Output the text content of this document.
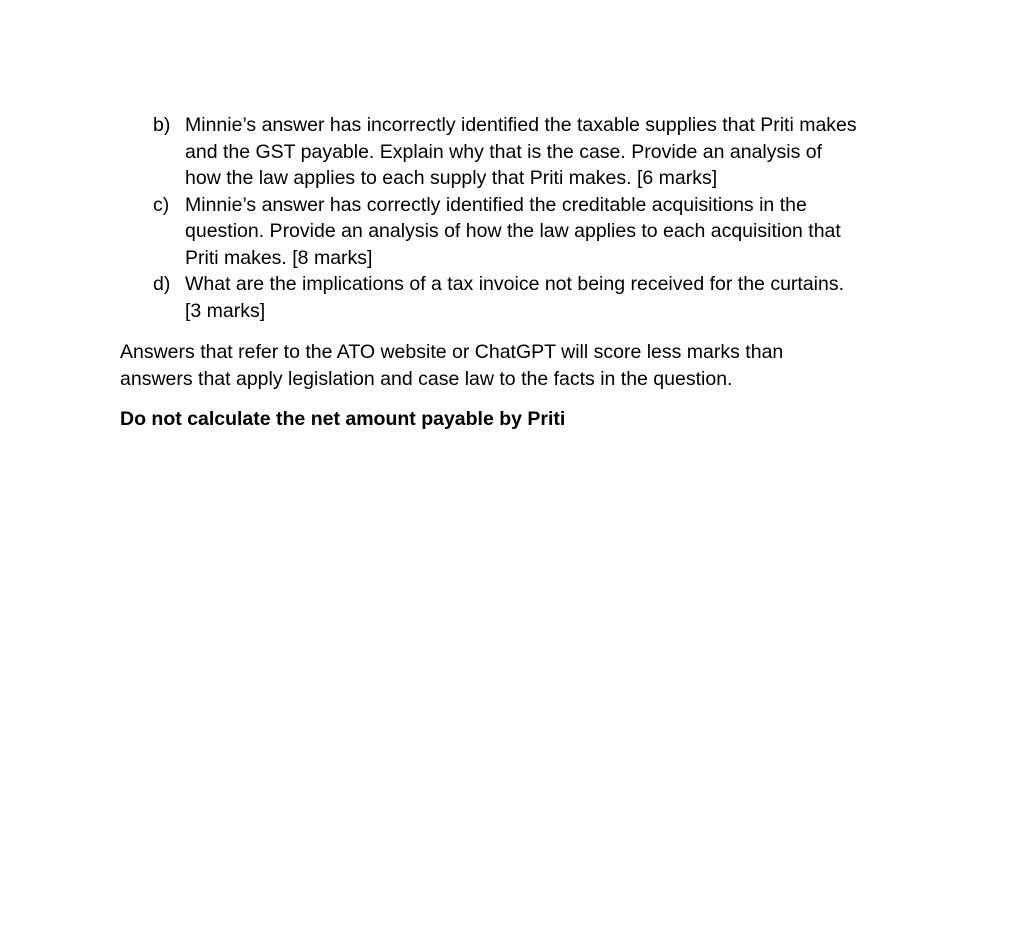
b) Minnie’s answer has incorrectly identified the taxable supplies that Priti makes
and the GST payable. Explain why that is the case. Provide an analysis of
how the law applies to each supply that Priti makes. [6 marks]
c) Minnie’s answer has correctly identified the creditable acquisitions in the
question. Provide an analysis of how the law applies to each acquisition that
Priti makes. [8 marks]
d) What are the implications of a tax invoice not being received for the curtains.
[3 marks]
Answers that refer to the ATO website or ChatGPT will score less marks than
answers that apply legislation and case law to the facts in the question.
Do not calculate the net amount payable by Priti
